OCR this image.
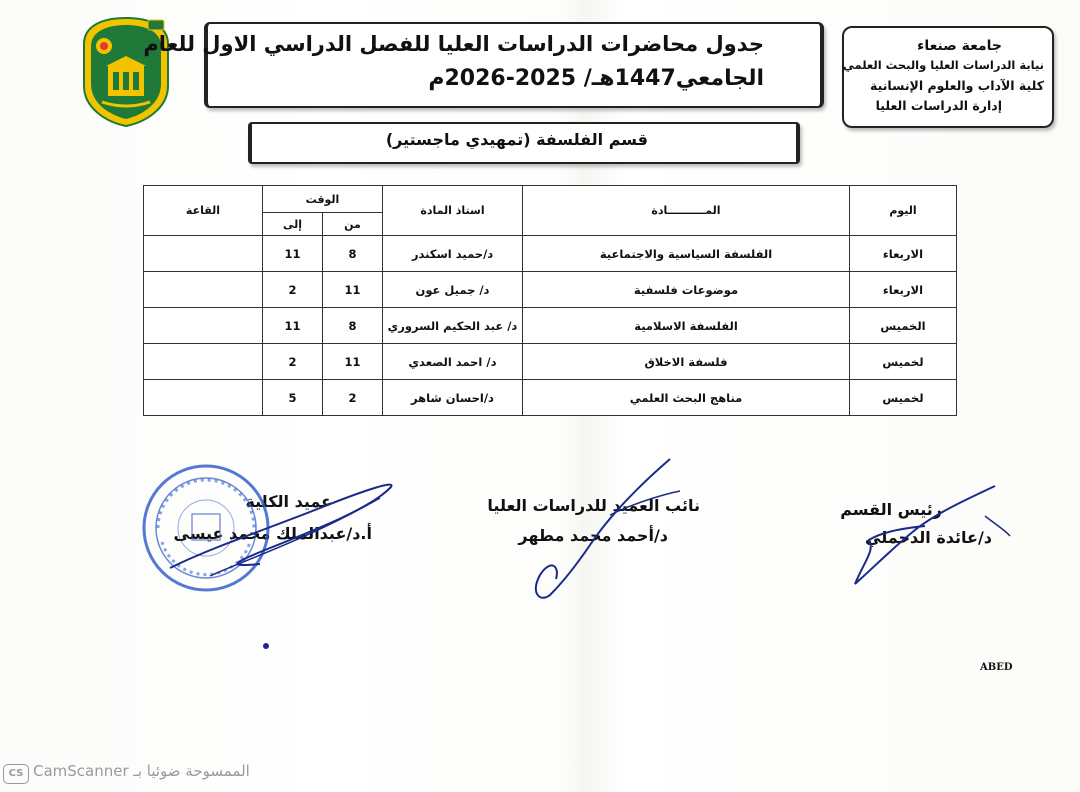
جدول محاضرات الدراسات العليا للفصل الدراسي الاول للعام
الجامعي1447هـ/ 2025-2026م
جامعة صنعاء
نيابة الدراسات العليا والبحث العلمي
كلية الآداب والعلوم الإنسانية
إدارة الدراسات العليا
قسم الفلسفة (تمهيدي ماجستير)
اليوم	المــــــــــادة	استاذ المادة	الوقت		القاعة
			من	إلى	
الاربعاء	الفلسفة السياسية والاجتماعية	د/حميد اسكندر	8	11	
الاربعاء	موضوعات فلسفية	د/ جميل عون	11	2	
الخميس	الفلسفة الاسلامية	د/ عبد الحكيم السروري	8	11	
لخميس	فلسفة الاخلاق	د/ احمد الصعدي	11	2	
لخميس	مناهج البحث العلمي	د/احسان شاهر	2	5	
رئيس القسم
د/عائدة الدحملي
نائب العميد للدراسات العليا
د/أحمد محمد مطهر
عميد الكلية
أ.د/عبدالملك محمد عيسى
ABED
CS CamScanner الممسوحة ضوئيا بـ
